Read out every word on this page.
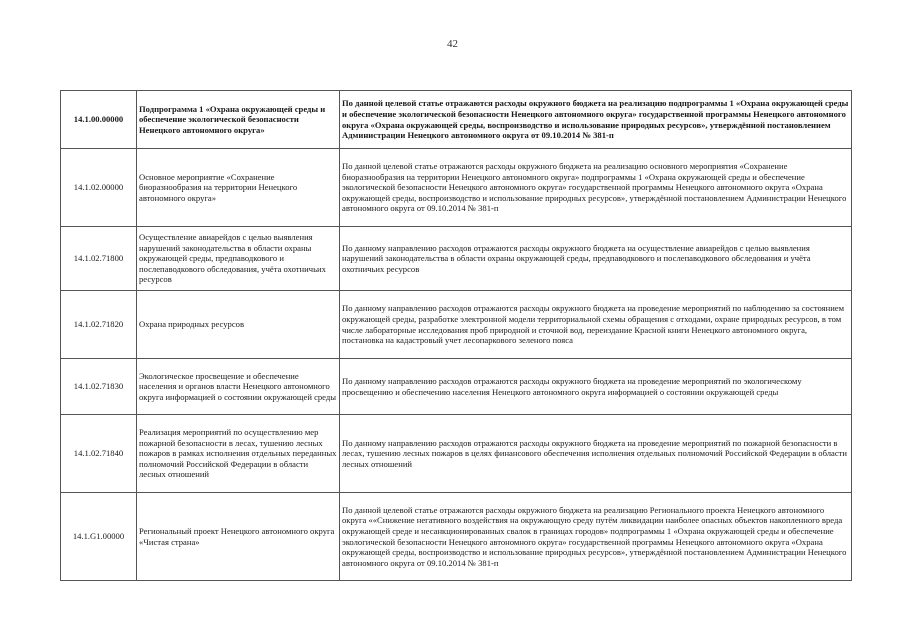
42
14.1.00.00000	Подпрограмма 1 «Охрана окружающей среды и обеспечение экологической безопасности Ненецкого автономного округа»	По данной целевой статье отражаются расходы окружного бюджета на реализацию подпрограммы 1 «Охрана окружающей среды и обеспечение экологической безопасности Ненецкого автономного округа» государственной программы Ненецкого автономного округа «Охрана окружающей среды, воспроизводство и использование природных ресурсов», утверждённой постановлением Администрации Ненецкого автономного округа от 09.10.2014 № 381-п
14.1.02.00000	Основное мероприятие «Сохранение биоразнообразия на территории Ненецкого автономного округа»	По данной целевой статье отражаются расходы окружного бюджета на реализацию основного мероприятия «Сохранение биоразнообразия на территории Ненецкого автономного округа» подпрограммы 1 «Охрана окружающей среды и обеспечение экологической безопасности Ненецкого автономного округа» государственной программы Ненецкого автономного округа «Охрана окружающей среды, воспроизводство и использование природных ресурсов», утверждённой постановлением Администрации Ненецкого автономного округа от 09.10.2014 № 381-п
14.1.02.71800	Осуществление авиарейдов с целью выявления нарушений законодательства в области охраны окружающей среды, предпаводкового и послепаводкового обследования, учёта охотничьих ресурсов	По данному направлению расходов отражаются расходы окружного бюджета на осуществление авиарейдов с целью выявления нарушений законодательства в области охраны окружающей среды, предпаводкового и послепаводкового обследования и учёта охотничьих ресурсов
14.1.02.71820	Охрана природных ресурсов	По данному направлению расходов отражаются расходы окружного бюджета на проведение мероприятий по наблюдению за состоянием окружающей среды, разработке электронной модели территориальной схемы обращения с отходами, охране природных ресурсов, в том числе лабораторные исследования проб природной и сточной вод, переиздание Красной книги Ненецкого автономного округа, постановка на кадастровый учет лесопаркового зеленого пояса
14.1.02.71830	Экологическое просвещение и обеспечение населения и органов власти Ненецкого автономного округа информацией о состоянии окружающей среды	По данному направлению расходов отражаются расходы окружного бюджета на проведение мероприятий по экологическому просвещению и обеспечению населения Ненецкого автономного округа информацией о состоянии окружающей среды
14.1.02.71840	Реализация мероприятий по осуществлению мер пожарной безопасности в лесах, тушению лесных пожаров в рамках исполнения отдельных переданных полномочий Российской Федерации в области лесных отношений	По данному направлению расходов отражаются расходы окружного бюджета на проведение мероприятий по пожарной безопасности в лесах, тушению лесных пожаров в целях финансового обеспечения исполнения отдельных полномочий Российской Федерации в области лесных отношений
14.1.G1.00000	Региональный проект Ненецкого автономного округа «Чистая страна»	По данной целевой статье отражаются расходы окружного бюджета на реализацию Регионального проекта Ненецкого автономного округа ««Снижение негативного воздействия на окружающую среду путём ликвидации наиболее опасных объектов накопленного вреда окружающей среде и несанкционированных свалок в границах городов» подпрограммы 1 «Охрана окружающей среды и обеспечение экологической безопасности Ненецкого автономного округа» государственной программы Ненецкого автономного округа «Охрана окружающей среды, воспроизводство и использование природных ресурсов», утверждённой постановлением Администрации Ненецкого автономного округа от 09.10.2014 № 381-п
